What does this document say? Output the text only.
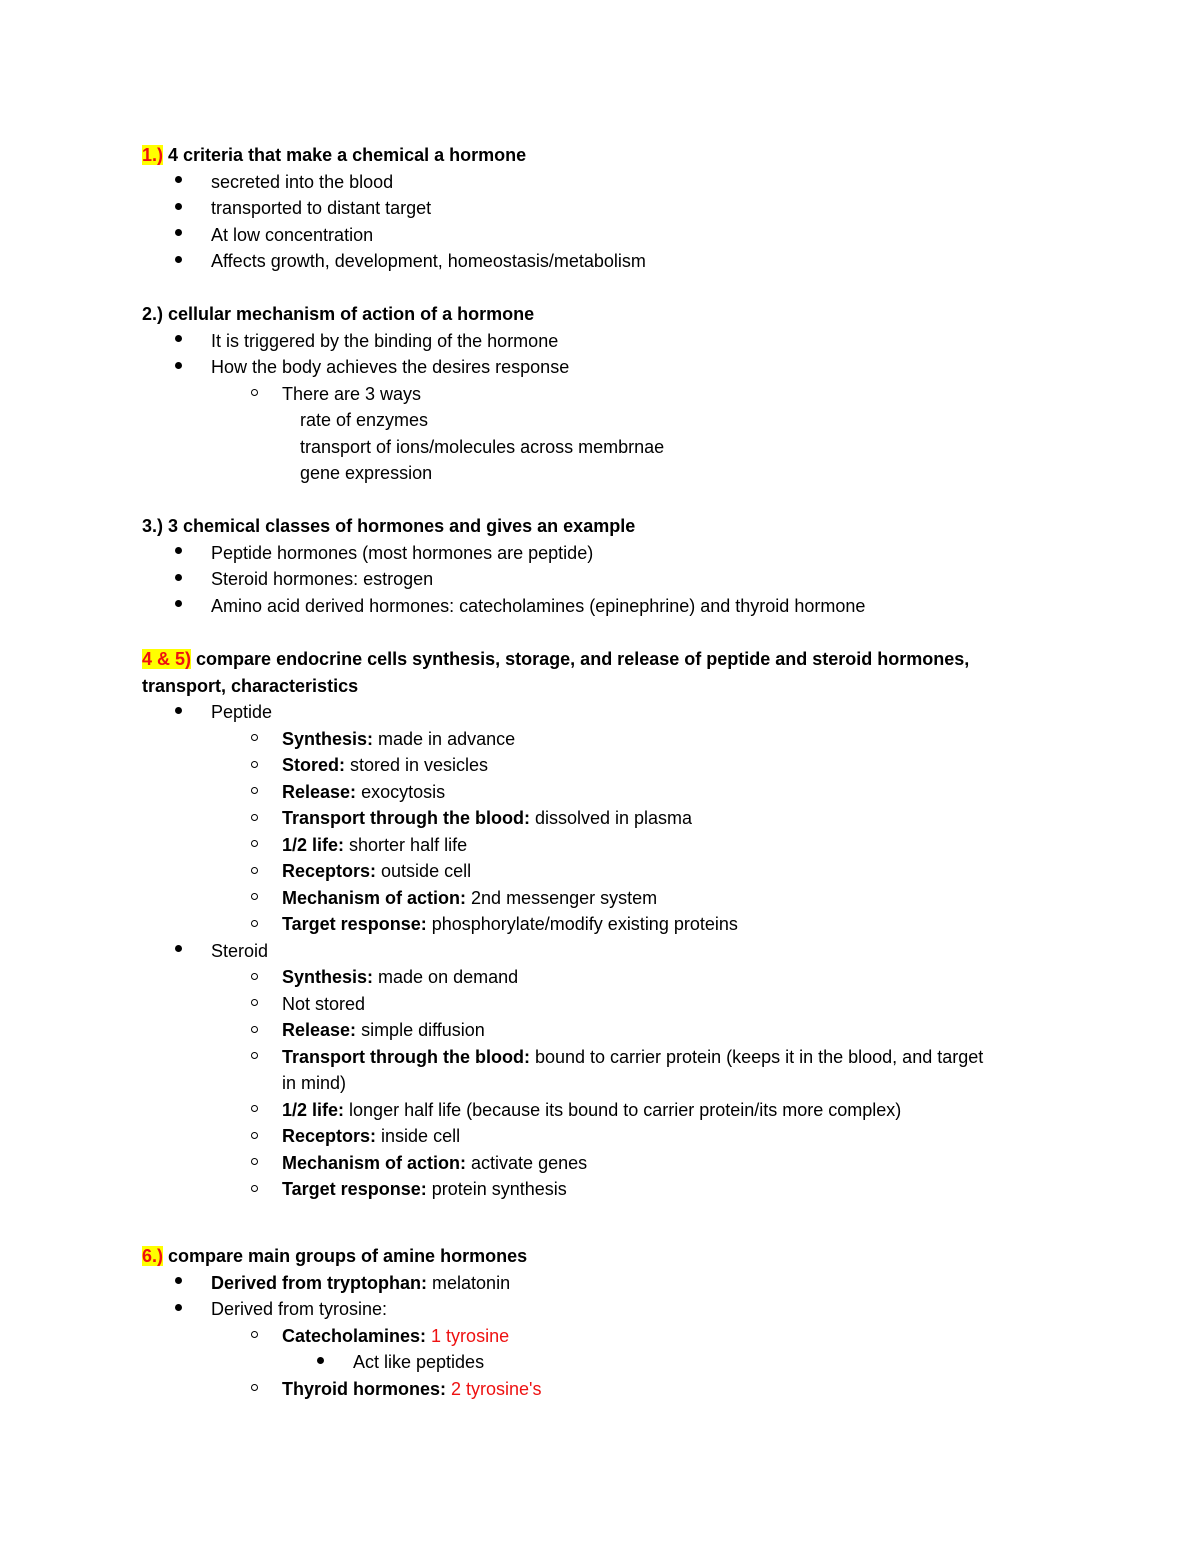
1.) 4 criteria that make a chemical a hormone
secreted into the blood
transported to distant target
At low concentration
Affects growth, development, homeostasis/metabolism
2.) cellular mechanism of action of a hormone
It is triggered by the binding of the hormone
How the body achieves the desires response
There are 3 ways
rate of enzymes
transport of ions/molecules across membrnae
gene expression
3.) 3 chemical classes of hormones and gives an example
Peptide hormones (most hormones are peptide)
Steroid hormones: estrogen
Amino acid derived hormones: catecholamines (epinephrine) and thyroid hormone
4 & 5) compare endocrine cells synthesis, storage, and release of peptide and steroid hormones,
transport, characteristics
Peptide
Synthesis: made in advance
Stored: stored in vesicles
Release: exocytosis
Transport through the blood: dissolved in plasma
1/2 life: shorter half life
Receptors: outside cell
Mechanism of action: 2nd messenger system
Target response: phosphorylate/modify existing proteins
Steroid
Synthesis: made on demand
Not stored
Release: simple diffusion
Transport through the blood: bound to carrier protein (keeps it in the blood, and target
in mind)
1/2 life: longer half life (because its bound to carrier protein/its more complex)
Receptors: inside cell
Mechanism of action: activate genes
Target response: protein synthesis
6.) compare main groups of amine hormones
Derived from tryptophan: melatonin
Derived from tyrosine:
Catecholamines: 1 tyrosine
Act like peptides
Thyroid hormones: 2 tyrosine's
